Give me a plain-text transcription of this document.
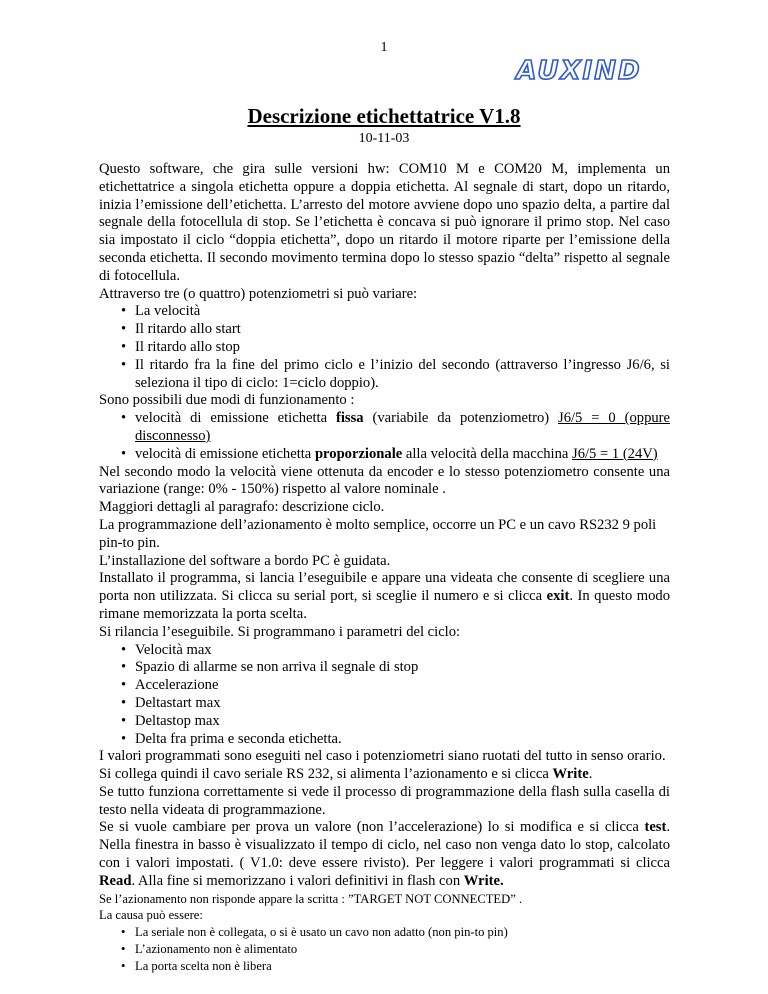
1
AUXIND
Descrizione etichettatrice V1.8
10-11-03

Questo software, che gira sulle versioni hw: COM10 M e COM20 M, implementa un etichettatrice a singola etichetta oppure a doppia etichetta. Al segnale di start, dopo un ritardo, inizia l’emissione dell’etichetta. L’arresto del motore avviene dopo uno spazio delta, a partire dal segnale della fotocellula di stop. Se l’etichetta è concava si può ignorare il primo stop. Nel caso sia impostato il ciclo “doppia etichetta”, dopo un ritardo il motore riparte per l’emissione della seconda etichetta. Il secondo movimento termina dopo lo stesso spazio “delta” rispetto al segnale di fotocellula.

Attraverso tre (o quattro) potenziometri si può variare:

• La velocità
• Il ritardo allo start
• Il ritardo allo stop
• Il ritardo fra la fine del primo ciclo e l’inizio del secondo (attraverso l’ingresso J6/6, si seleziona il tipo di ciclo: 1=ciclo doppio).

Sono possibili due modi di funzionamento :

• velocità di emissione etichetta fissa (variabile da potenziometro) J6/5 = 0 (oppure disconnesso)
• velocità di emissione etichetta proporzionale alla velocità della macchina J6/5 = 1 (24V)

Nel secondo modo la velocità viene ottenuta da encoder e lo stesso potenziometro consente una variazione (range: 0% - 150%) rispetto al valore nominale .

Maggiori dettagli al paragrafo: descrizione ciclo.

La programmazione dell’azionamento è molto semplice, occorre un PC e un cavo RS232 9 poli pin-to pin.

L’installazione del software a bordo PC è guidata.

Installato il programma, si lancia l’eseguibile e appare una videata che consente di scegliere una porta non utilizzata. Si clicca su serial port, si sceglie il numero e si clicca exit. In questo modo rimane memorizzata la porta scelta.

Si rilancia l’eseguibile. Si programmano i parametri del ciclo:

• Velocità max
• Spazio di allarme se non arriva il segnale di stop
• Accelerazione
• Deltastart max
• Deltastop max
• Delta fra prima e seconda etichetta.

I valori programmati sono eseguiti nel caso i potenziometri siano ruotati del tutto in senso orario.

Si collega quindi il cavo seriale RS 232, si alimenta l’azionamento e si clicca Write.

Se tutto funziona correttamente si vede il processo di programmazione della flash sulla casella di testo nella videata di programmazione.

Se si vuole cambiare per prova un valore (non l’accelerazione) lo si modifica e si clicca test. Nella finestra in basso è visualizzato il tempo di ciclo, nel caso non venga dato lo stop, calcolato con i valori impostati. ( V1.0: deve essere rivisto). Per leggere i valori programmati si clicca Read. Alla fine si memorizzano i valori definitivi in flash con Write.

Se l’azionamento non risponde appare la scritta : ”TARGET NOT CONNECTED” .

La causa può essere:

• La seriale non è collegata, o si è usato un cavo non adatto (non pin-to pin)
• L’azionamento non è alimentato
• La porta scelta non è libera
